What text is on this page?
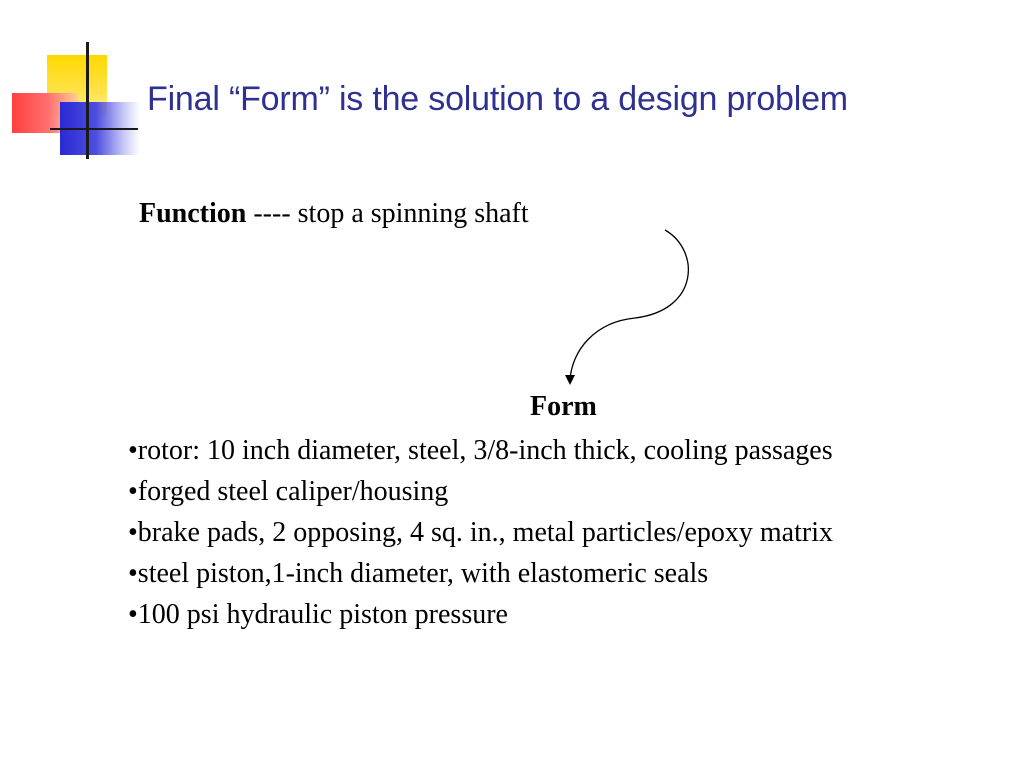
Final “Form” is the solution to a design problem
Function ---- stop a spinning shaft
Form
•rotor: 10 inch diameter, steel, 3/8-inch thick, cooling passages
•forged steel caliper/housing
•brake pads, 2 opposing, 4 sq. in., metal particles/epoxy matrix
•steel piston,1-inch diameter, with elastomeric seals
•100 psi hydraulic piston pressure
